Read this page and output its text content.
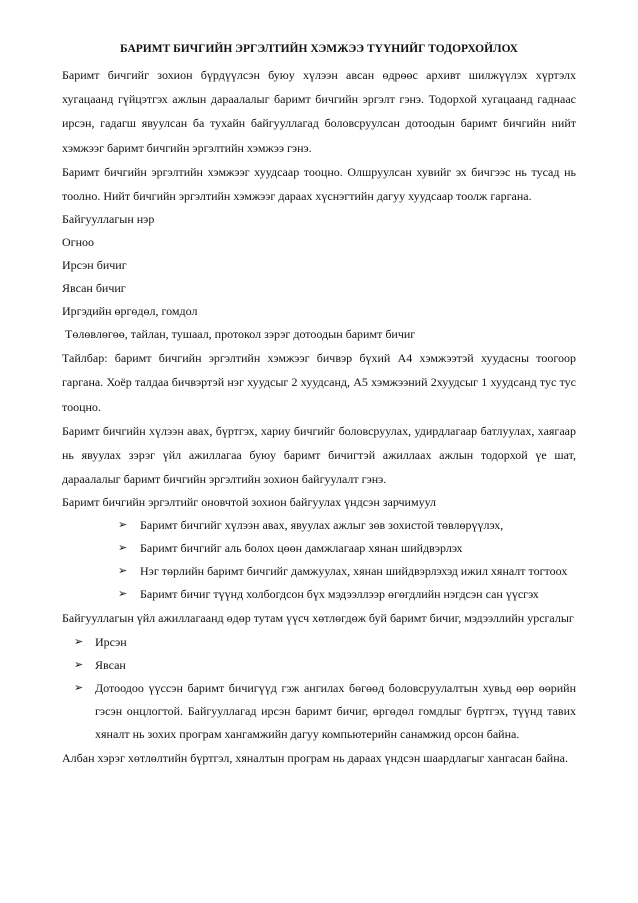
БАРИМТ БИЧГИЙН ЭРГЭЛТИЙН ХЭМЖЭЭ ТҮҮНИЙГ ТОДОРХОЙЛОХ

Баримт бичгийг зохион бүрдүүлсэн буюу хүлээн авсан өдрөөс архивт шилжүүлэх хүртэлх хугацаанд гүйцэтгэх ажлын дараалалыг баримт бичгийн эргэлт гэнэ. Тодорхой хугацаанд гаднаас ирсэн, гадагш явуулсан ба тухайн байгууллагад боловсруулсан дотоодын баримт бичгийн нийт хэмжээг баримт бичгийн эргэлтийн хэмжээ гэнэ.

Баримт бичгийн эргэлтийн хэмжээг хуудсаар тооцно. Олшруулсан хувийг эх бичгээс нь тусад нь тоолно. Нийт бичгийн эргэлтийн хэмжээг дараах хүснэгтийн дагуу хуудсаар тоолж гаргана.

Байгууллагын нэр

Огноо

Ирсэн бичиг

Явсан бичиг

Иргэдийн өргөдөл, гомдол

Төлөвлөгөө, тайлан, тушаал, протокол зэрэг дотоодын баримт бичиг

Тайлбар: баримт бичгийн эргэлтийн хэмжээг бичвэр бүхий А4 хэмжээтэй хуудасны тоогоор гаргана. Хоёр талдаа бичвэртэй нэг хуудсыг 2 хуудсанд, А5 хэмжээний 2хуудсыг 1 хуудсанд тус тус тооцно.

Баримт бичгийн хүлээн авах, бүртгэх, хариу бичгийг боловсруулах, удирдлагаар батлуулах, хаягаар нь явуулах зэрэг үйл ажиллагаа буюу баримт бичигтэй ажиллаах ажлын тодорхой үе шат, дараалалыг баримт бичгийн эргэлтийн зохион байгуулалт гэнэ.

Баримт бичгийн эргэлтийг оновчтой зохион байгуулах үндсэн зарчимуул

➢ Баримт бичгийг хүлээн авах, явуулах ажлыг зөв зохистой төвлөрүүлэх,
➢ Баримт бичгийг аль болох цөөн дамжлагаар хянан шийдвэрлэх
➢ Нэг төрлийн баримт бичгийг дамжуулах, хянан шийдвэрлэхэд ижил хяналт тогтоох
➢ Баримт бичиг түүнд холбогдсон бүх мэдээллээр өгөгдлийн нэгдсэн сан үүсгэх

Байгууллагын үйл ажиллагаанд өдөр тутам үүсч хөтлөгдөж буй баримт бичиг, мэдээллийн урсгалыг

➢ Ирсэн
➢ Явсан
➢ Дотоодоо үүссэн баримт бичигүүд гэж ангилах бөгөөд боловсруулалтын хувьд өөр өөрийн гэсэн онцлогтой. Байгууллагад ирсэн баримт бичиг, өргөдөл гомдлыг бүртгэх, түүнд тавих хяналт нь зохих програм хангамжийн дагуу компьютерийн санамжид орсон байна.

Албан хэрэг хөтлөлтийн бүртгэл, хяналтын програм нь дараах үндсэн шаардлагыг хангасан байна.
